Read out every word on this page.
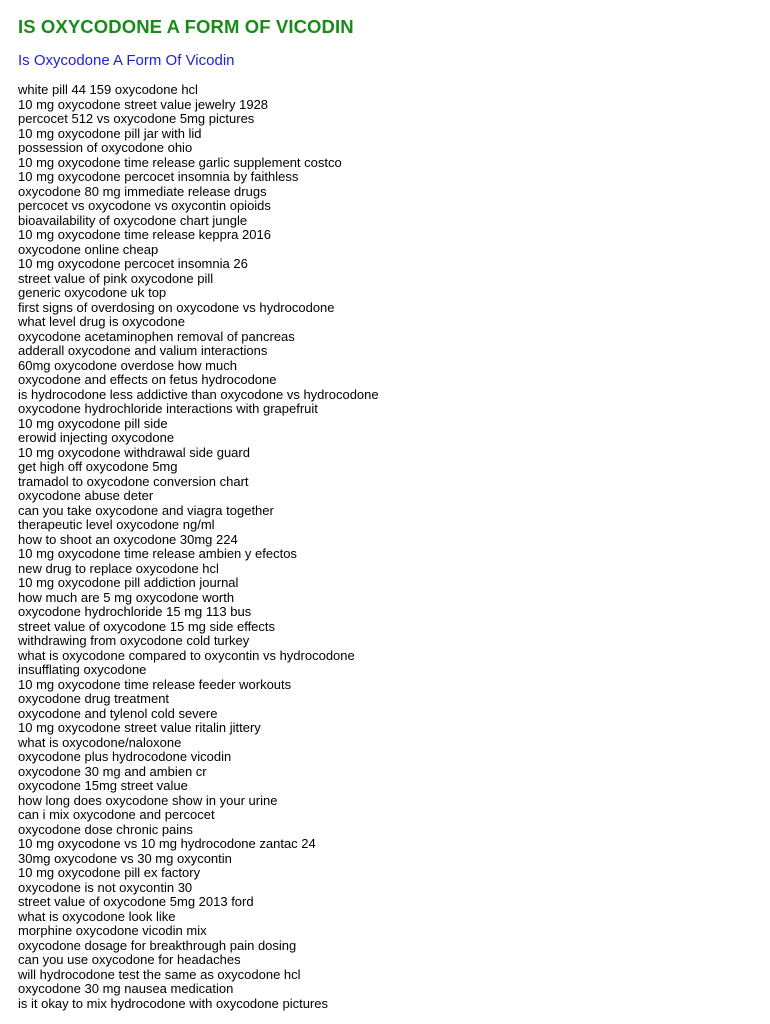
IS OXYCODONE A FORM OF VICODIN
Is Oxycodone A Form Of Vicodin
white pill 44 159 oxycodone hcl
10 mg oxycodone street value jewelry 1928
percocet 512 vs oxycodone 5mg pictures
10 mg oxycodone pill jar with lid
possession of oxycodone ohio
10 mg oxycodone time release garlic supplement costco
10 mg oxycodone percocet insomnia by faithless
oxycodone 80 mg immediate release drugs
percocet vs oxycodone vs oxycontin opioids
bioavailability of oxycodone chart jungle
10 mg oxycodone time release keppra 2016
oxycodone online cheap
10 mg oxycodone percocet insomnia 26
street value of pink oxycodone pill
generic oxycodone uk top
first signs of overdosing on oxycodone vs hydrocodone
what level drug is oxycodone
oxycodone acetaminophen removal of pancreas
adderall oxycodone and valium interactions
60mg oxycodone overdose how much
oxycodone and effects on fetus hydrocodone
is hydrocodone less addictive than oxycodone vs hydrocodone
oxycodone hydrochloride interactions with grapefruit
10 mg oxycodone pill side
erowid injecting oxycodone
10 mg oxycodone withdrawal side guard
get high off oxycodone 5mg
tramadol to oxycodone conversion chart
oxycodone abuse deter
can you take oxycodone and viagra together
therapeutic level oxycodone ng/ml
how to shoot an oxycodone 30mg 224
10 mg oxycodone time release ambien y efectos
new drug to replace oxycodone hcl
10 mg oxycodone pill addiction journal
how much are 5 mg oxycodone worth
oxycodone hydrochloride 15 mg 113 bus
street value of oxycodone 15 mg side effects
withdrawing from oxycodone cold turkey
what is oxycodone compared to oxycontin vs hydrocodone
insufflating oxycodone
10 mg oxycodone time release feeder workouts
oxycodone drug treatment
oxycodone and tylenol cold severe
10 mg oxycodone street value ritalin jittery
what is oxycodone/naloxone
oxycodone plus hydrocodone vicodin
oxycodone 30 mg and ambien cr
oxycodone 15mg street value
how long does oxycodone show in your urine
can i mix oxycodone and percocet
oxycodone dose chronic pains
10 mg oxycodone vs 10 mg hydrocodone zantac 24
30mg oxycodone vs 30 mg oxycontin
10 mg oxycodone pill ex factory
oxycodone is not oxycontin 30
street value of oxycodone 5mg 2013 ford
what is oxycodone look like
morphine oxycodone vicodin mix
oxycodone dosage for breakthrough pain dosing
can you use oxycodone for headaches
will hydrocodone test the same as oxycodone hcl
oxycodone 30 mg nausea medication
is it okay to mix hydrocodone with oxycodone pictures
